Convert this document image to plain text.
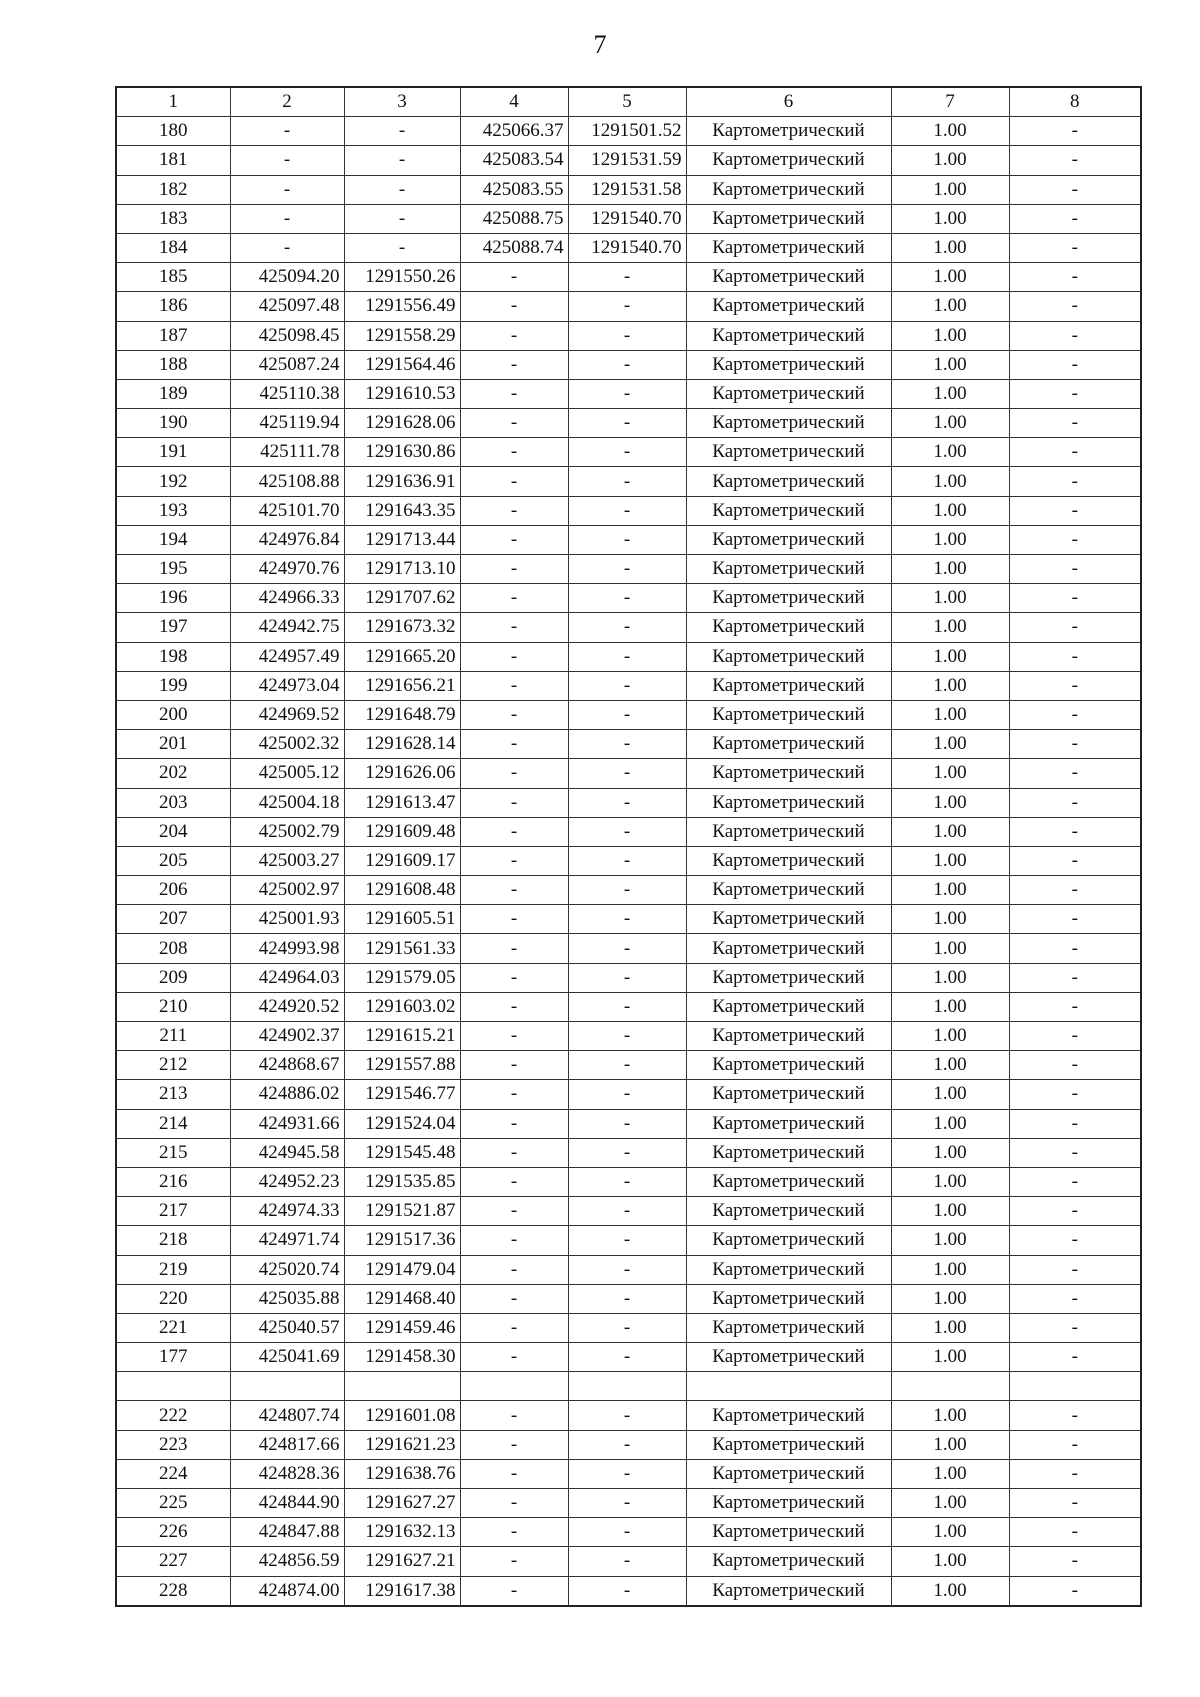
7
1	2	3	4	5	6	7	8
180	-	-	425066.37	1291501.52	Картометрический	1.00	-
181	-	-	425083.54	1291531.59	Картометрический	1.00	-
182	-	-	425083.55	1291531.58	Картометрический	1.00	-
183	-	-	425088.75	1291540.70	Картометрический	1.00	-
184	-	-	425088.74	1291540.70	Картометрический	1.00	-
185	425094.20	1291550.26	-	-	Картометрический	1.00	-
186	425097.48	1291556.49	-	-	Картометрический	1.00	-
187	425098.45	1291558.29	-	-	Картометрический	1.00	-
188	425087.24	1291564.46	-	-	Картометрический	1.00	-
189	425110.38	1291610.53	-	-	Картометрический	1.00	-
190	425119.94	1291628.06	-	-	Картометрический	1.00	-
191	425111.78	1291630.86	-	-	Картометрический	1.00	-
192	425108.88	1291636.91	-	-	Картометрический	1.00	-
193	425101.70	1291643.35	-	-	Картометрический	1.00	-
194	424976.84	1291713.44	-	-	Картометрический	1.00	-
195	424970.76	1291713.10	-	-	Картометрический	1.00	-
196	424966.33	1291707.62	-	-	Картометрический	1.00	-
197	424942.75	1291673.32	-	-	Картометрический	1.00	-
198	424957.49	1291665.20	-	-	Картометрический	1.00	-
199	424973.04	1291656.21	-	-	Картометрический	1.00	-
200	424969.52	1291648.79	-	-	Картометрический	1.00	-
201	425002.32	1291628.14	-	-	Картометрический	1.00	-
202	425005.12	1291626.06	-	-	Картометрический	1.00	-
203	425004.18	1291613.47	-	-	Картометрический	1.00	-
204	425002.79	1291609.48	-	-	Картометрический	1.00	-
205	425003.27	1291609.17	-	-	Картометрический	1.00	-
206	425002.97	1291608.48	-	-	Картометрический	1.00	-
207	425001.93	1291605.51	-	-	Картометрический	1.00	-
208	424993.98	1291561.33	-	-	Картометрический	1.00	-
209	424964.03	1291579.05	-	-	Картометрический	1.00	-
210	424920.52	1291603.02	-	-	Картометрический	1.00	-
211	424902.37	1291615.21	-	-	Картометрический	1.00	-
212	424868.67	1291557.88	-	-	Картометрический	1.00	-
213	424886.02	1291546.77	-	-	Картометрический	1.00	-
214	424931.66	1291524.04	-	-	Картометрический	1.00	-
215	424945.58	1291545.48	-	-	Картометрический	1.00	-
216	424952.23	1291535.85	-	-	Картометрический	1.00	-
217	424974.33	1291521.87	-	-	Картометрический	1.00	-
218	424971.74	1291517.36	-	-	Картометрический	1.00	-
219	425020.74	1291479.04	-	-	Картометрический	1.00	-
220	425035.88	1291468.40	-	-	Картометрический	1.00	-
221	425040.57	1291459.46	-	-	Картометрический	1.00	-
177	425041.69	1291458.30	-	-	Картометрический	1.00	-

222	424807.74	1291601.08	-	-	Картометрический	1.00	-
223	424817.66	1291621.23	-	-	Картометрический	1.00	-
224	424828.36	1291638.76	-	-	Картометрический	1.00	-
225	424844.90	1291627.27	-	-	Картометрический	1.00	-
226	424847.88	1291632.13	-	-	Картометрический	1.00	-
227	424856.59	1291627.21	-	-	Картометрический	1.00	-
228	424874.00	1291617.38	-	-	Картометрический	1.00	-
